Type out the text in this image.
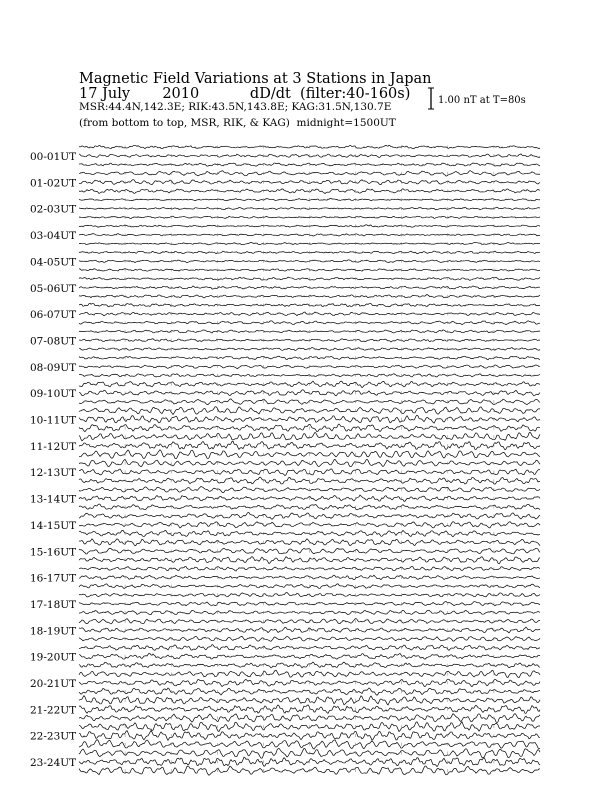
Magnetic Field Variations at 3 Stations in Japan
17 July 2010	dD/dt (filter:40-160s)
MSR:44.4N,142.3E; RIK:43.5N,143.8E; KAG:31.5N,130.7E
(from bottom to top, MSR, RIK, & KAG) midnight=1500UT
1.00 nT at T=80s
00-01UT
01-02UT
02-03UT
03-04UT
04-05UT
05-06UT
06-07UT
07-08UT
08-09UT
09-10UT
10-11UT
11-12UT
12-13UT
13-14UT
14-15UT
15-16UT
16-17UT
17-18UT
18-19UT
19-20UT
20-21UT
21-22UT
22-23UT
23-24UT
